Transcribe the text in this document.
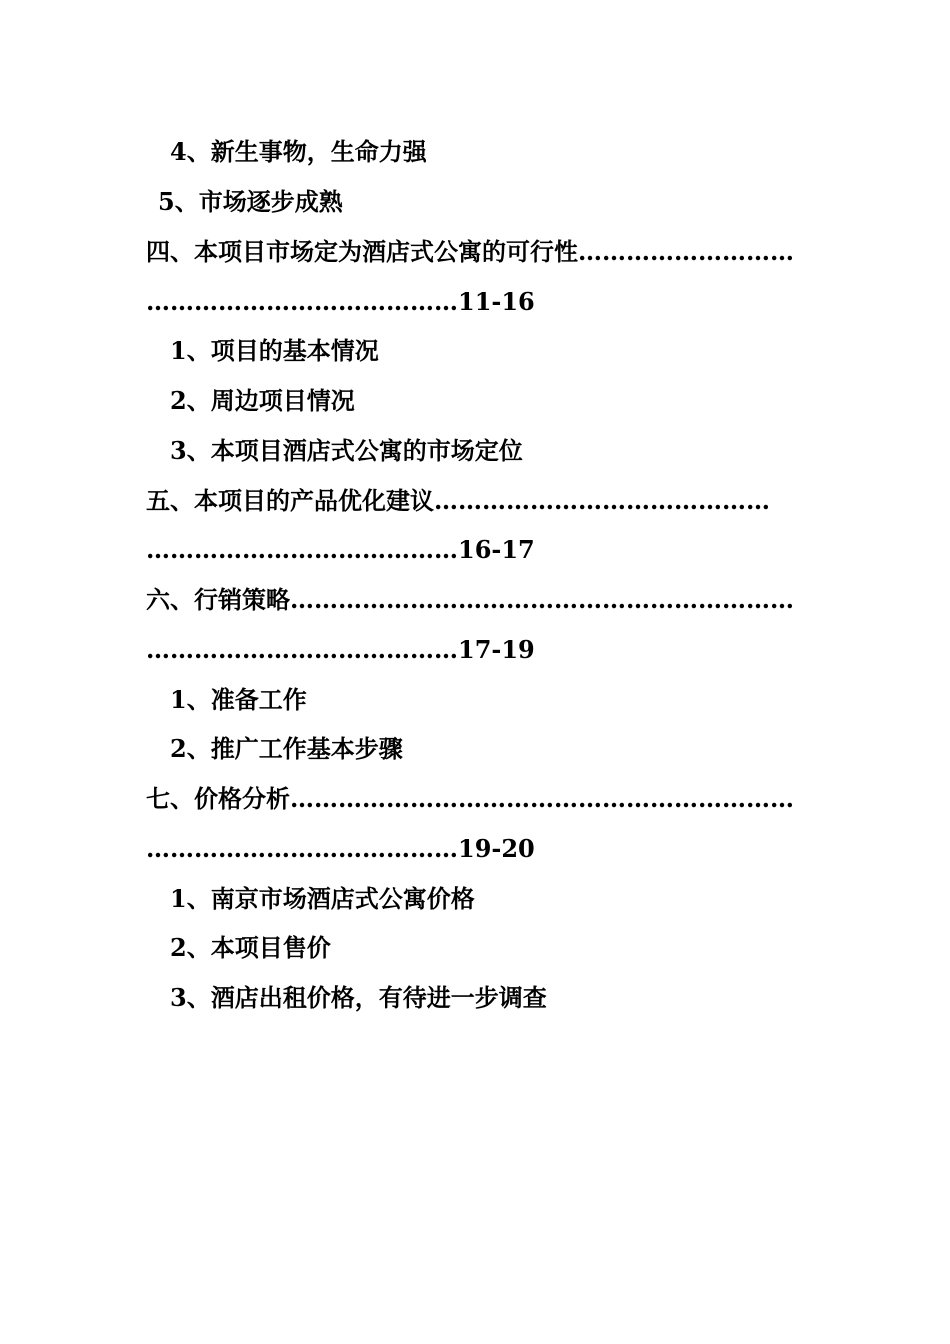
4、新生事物，生命力强
5、市场逐步成熟
四、本项目市场定为酒店式公寓的可行性………………………
…………………………………11-16
1、项目的基本情况
2、周边项目情况
3、本项目酒店式公寓的市场定位
五、本项目的产品优化建议……………………………………
…………………………………16-17
六、行销策略………………………………………………………
…………………………………17-19
1、准备工作
2、推广工作基本步骤
七、价格分析………………………………………………………
…………………………………19-20
1、南京市场酒店式公寓价格
2、本项目售价
3、酒店出租价格，有待进一步调查
